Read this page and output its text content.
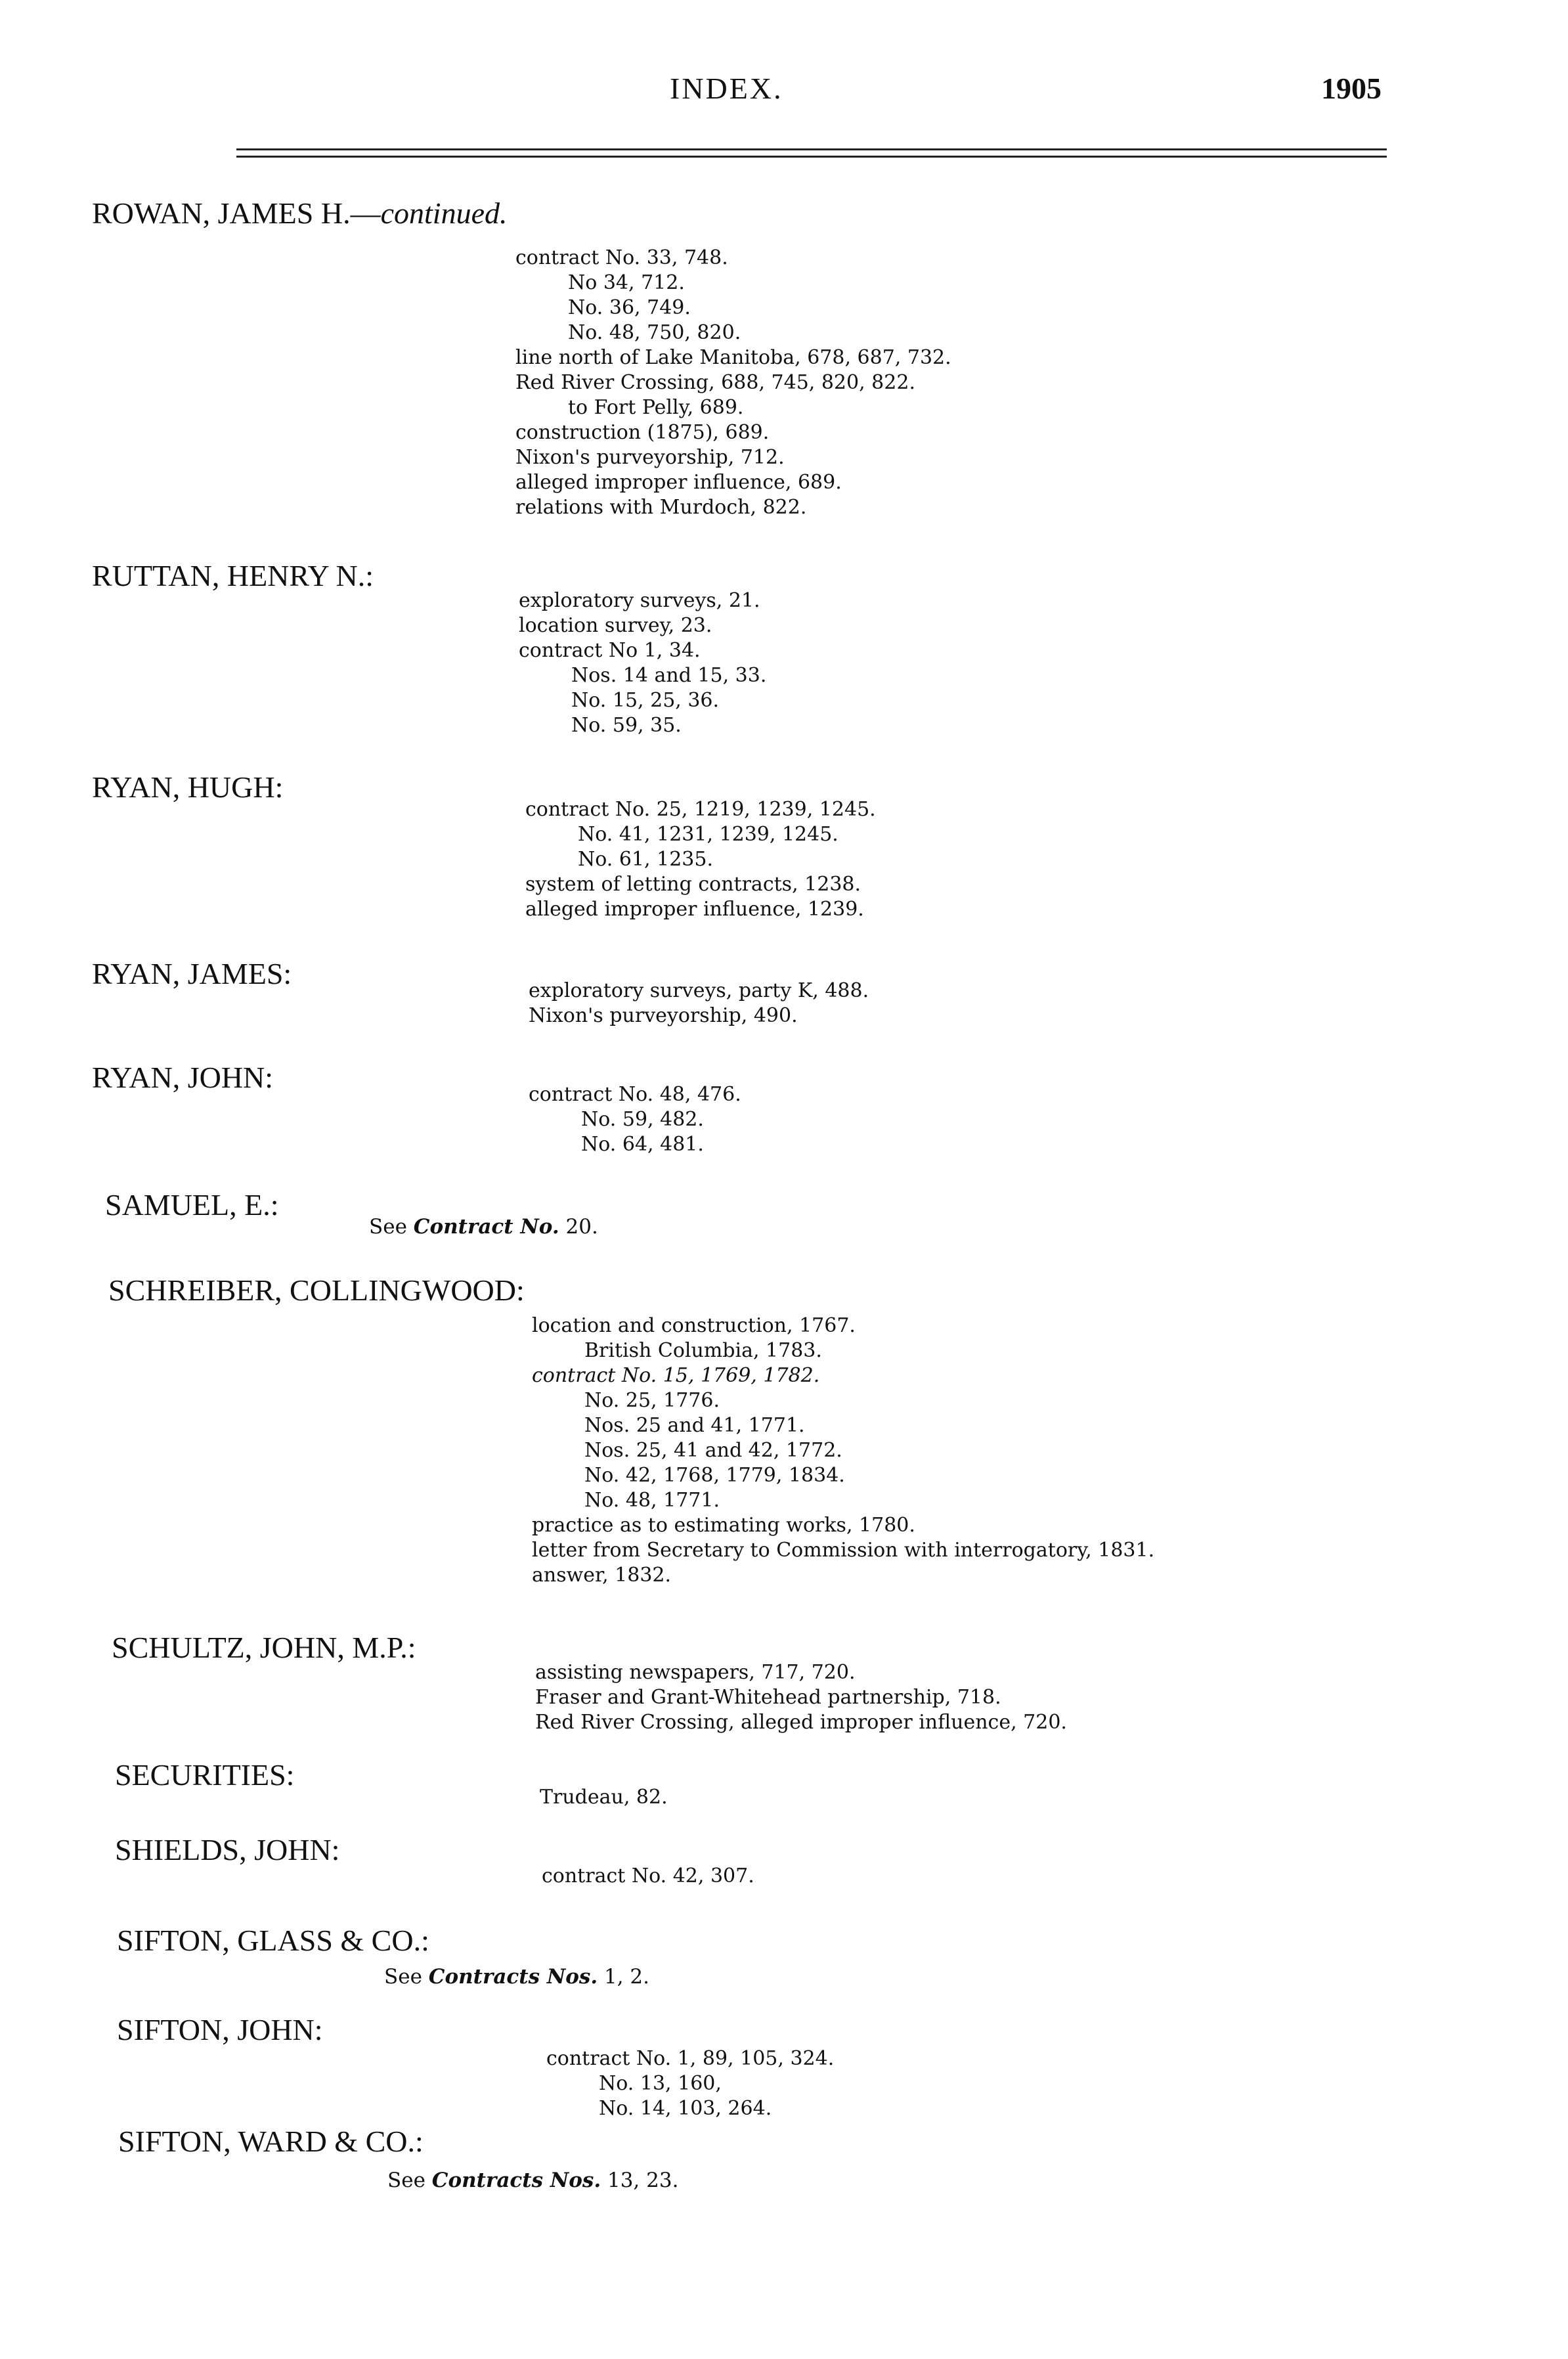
INDEX.	1905
ROWAN, JAMES H.—continued.
contract No. 33, 748.
No 34, 712.
No. 36, 749.
No. 48, 750, 820.
line north of Lake Manitoba, 678, 687, 732.
Red River Crossing, 688, 745, 820, 822.
to Fort Pelly, 689.
construction (1875), 689.
Nixon's purveyorship, 712.
alleged improper influence, 689.
relations with Murdoch, 822.
RUTTAN, HENRY N.:
exploratory surveys, 21.
location survey, 23.
contract No 1, 34.
Nos. 14 and 15, 33.
No. 15, 25, 36.
No. 59, 35.
RYAN, HUGH:
contract No. 25, 1219, 1239, 1245.
No. 41, 1231, 1239, 1245.
No. 61, 1235.
system of letting contracts, 1238.
alleged improper influence, 1239.
RYAN, JAMES:
exploratory surveys, party K, 488.
Nixon's purveyorship, 490.
RYAN, JOHN:
contract No. 48, 476.
No. 59, 482.
No. 64, 481.
SAMUEL, E.:
See Contract No. 20.
SCHREIBER, COLLINGWOOD:
location and construction, 1767.
British Columbia, 1783.
contract No. 15, 1769, 1782.
No. 25, 1776.
Nos. 25 and 41, 1771.
Nos. 25, 41 and 42, 1772.
No. 42, 1768, 1779, 1834.
No. 48, 1771.
practice as to estimating works, 1780.
letter from Secretary to Commission with interrogatory, 1831.
answer, 1832.
SCHULTZ, JOHN, M.P.:
assisting newspapers, 717, 720.
Fraser and Grant-Whitehead partnership, 718.
Red River Crossing, alleged improper influence, 720.
SECURITIES:
Trudeau, 82.
SHIELDS, JOHN:
contract No. 42, 307.
SIFTON, GLASS & CO.:
See Contracts Nos. 1, 2.
SIFTON, JOHN:
contract No. 1, 89, 105, 324.
No. 13, 160,
No. 14, 103, 264.
SIFTON, WARD & CO.:
See Contracts Nos. 13, 23.
